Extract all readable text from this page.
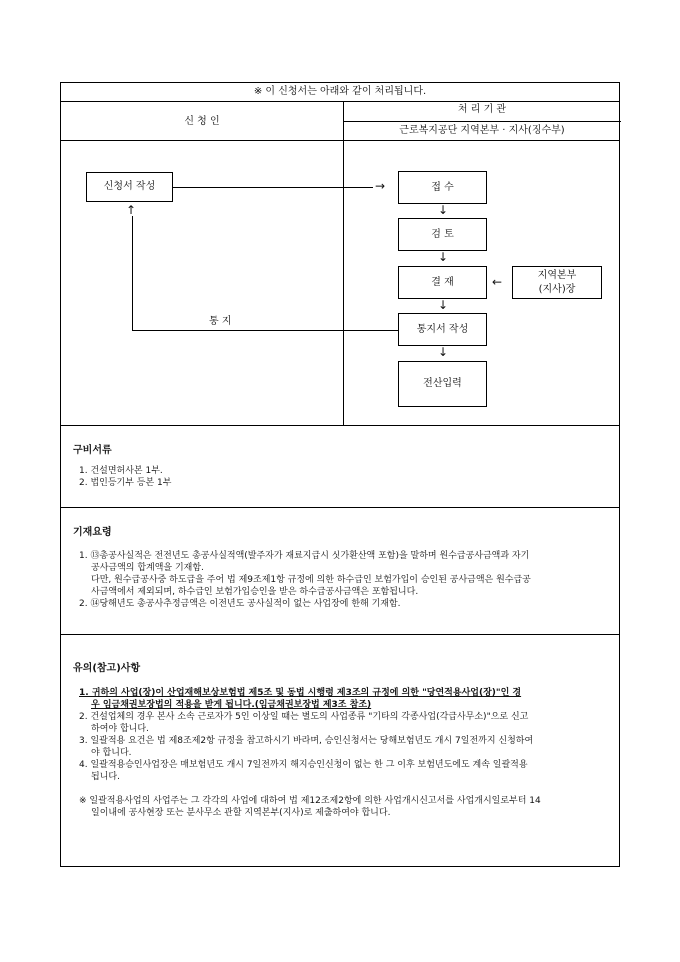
※ 이 신청서는 아래와 같이 처리됩니다.
신 청 인
처 리 기 관
근로복지공단 지역본부 · 지사(징수부)
신청서 작성	→	접 수
↓
검 토
↓
결 재	←	지역본부
(지사)장
↓
통지서 작성
↓
전산입력
↑
통 지
구비서류
1. 건설면허사본 1부.
2. 법인등기부 등본 1부
기재요령
1. ⑬총공사실적은 전전년도 총공사실적액(발주자가 재료지급시 싯가환산액 포함)을 말하며 원수급공사금액과 자기
공사금액의 합계액을 기재함.
다만, 원수급공사중 하도급을 주어 법 제9조제1항 규정에 의한 하수급인 보험가입이 승인된 공사금액은 원수급공
사금액에서 제외되며, 하수급인 보험가입승인을 받은 하수급공사금액은 포함됩니다.
2. ⑭당해년도 총공사추정금액은 이전년도 공사실적이 없는 사업장에 한해 기재함.
유의(참고)사항
1. 귀하의 사업(장)이 산업재해보상보험법 제5조 및 동법 시행령 제3조의 규정에 의한 "당연적용사업(장)"인 경
우 임금채권보장법의 적용을 받게 됩니다.(임금채권보장법 제3조 참조)
2. 건설업체의 경우 본사 소속 근로자가 5인 이상일 때는 별도의 사업종류 "기타의 각종사업(각급사무소)"으로 신고
하여야 합니다.
3. 일괄적용 요건은 법 제8조제2항 규정을 참고하시기 바라며, 승인신청서는 당해보험년도 개시 7일전까지 신청하여
야 합니다.
4. 일괄적용승인사업장은 매보험년도 개시 7일전까지 해지승인신청이 없는 한 그 이후 보험년도에도 계속 일괄적용
됩니다.
※ 일괄적용사업의 사업주는 그 각각의 사업에 대하여 법 제12조제2항에 의한 사업개시신고서를 사업개시일로부터 14
일이내에 공사현장 또는 분사무소 관할 지역본부(지사)로 제출하여야 합니다.
